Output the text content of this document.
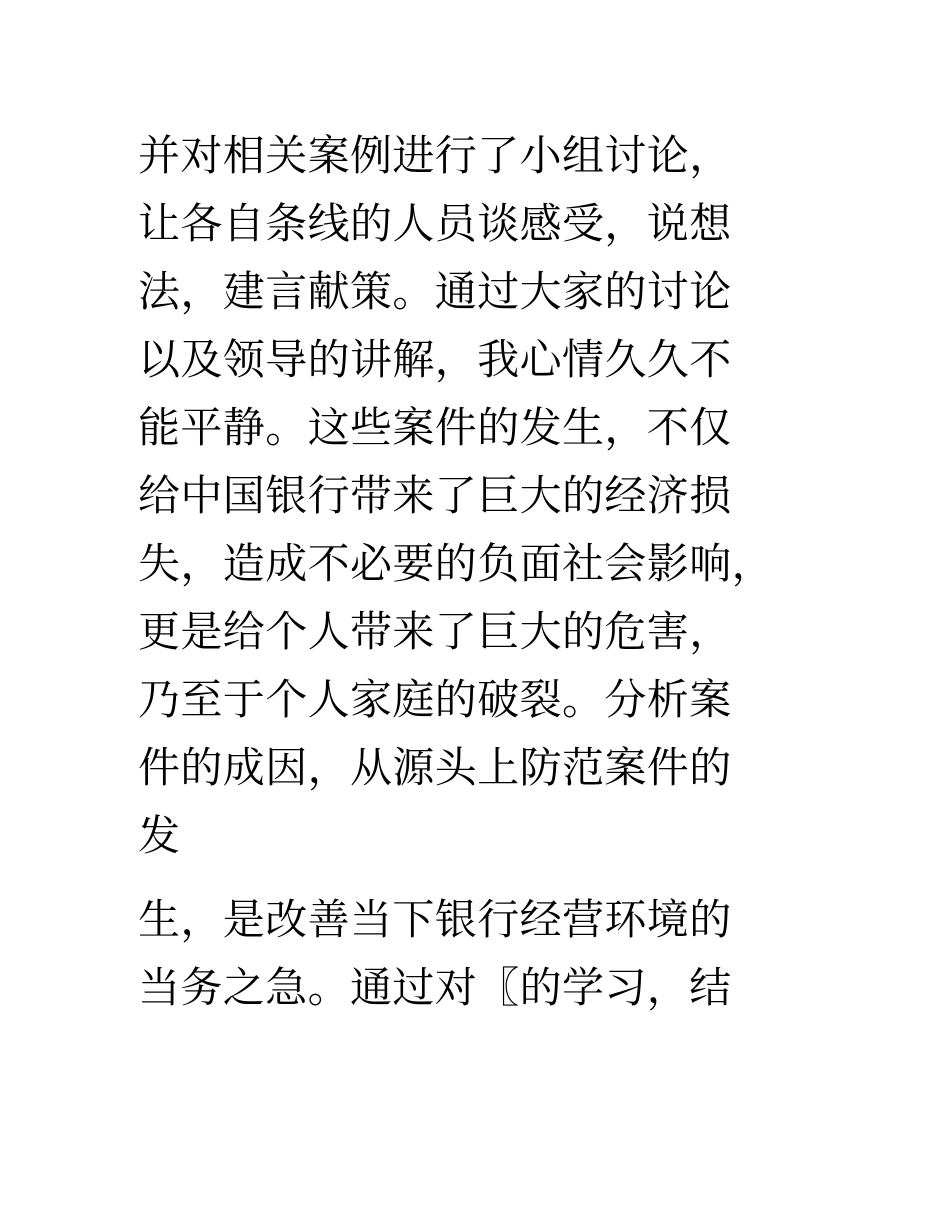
并对相关案例进行了小组讨论，
让各自条线的人员谈感受，说想
法，建言献策。通过大家的讨论
以及领导的讲解，我心情久久不
能平静。这些案件的发生，不仅
给中国银行带来了巨大的经济损
失，造成不必要的负面社会影响，
更是给个人带来了巨大的危害，
乃至于个人家庭的破裂。分析案
件的成因，从源头上防范案件的
发
生，是改善当下银行经营环境的
当务之急。通过对〖的学习，结
